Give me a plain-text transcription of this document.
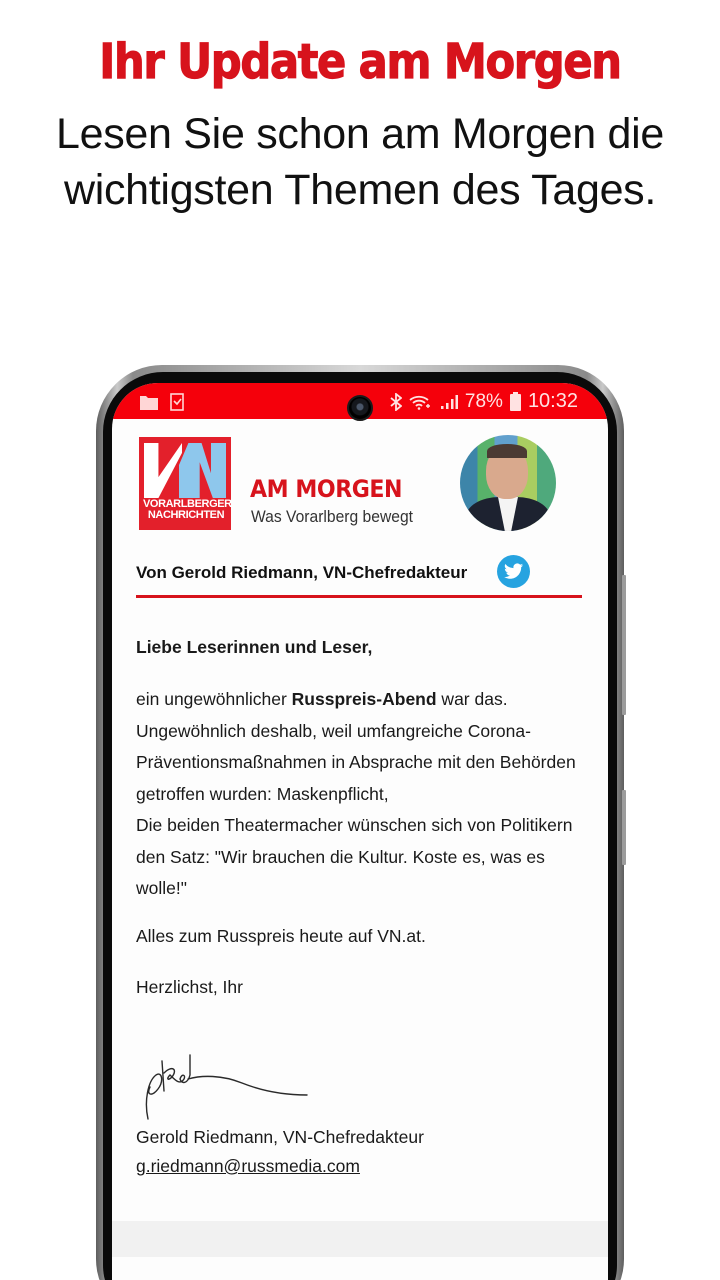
Ihr Update am Morgen
Lesen Sie schon am Morgen die
wichtigsten Themen des Tages.
78% 10:32
VORARLBERGER
NACHRICHTEN
AM MORGEN
Was Vorarlberg bewegt
Von Gerold Riedmann, VN-Chefredakteur
Liebe Leserinnen und Leser,
ein ungewöhnlicher Russpreis-Abend war das. Ungewöhnlich deshalb, weil umfangreiche Corona-Präventionsmaßnahmen in Absprache mit den Behörden getroffen wurden: Maskenpflicht,
Die beiden Theatermacher wünschen sich von Politikern den Satz: "Wir brauchen die Kultur. Koste es, was es wolle!"
Alles zum Russpreis heute auf VN.at.
Herzlichst, Ihr
Gerold Riedmann, VN-Chefredakteur
g.riedmann@russmedia.com
